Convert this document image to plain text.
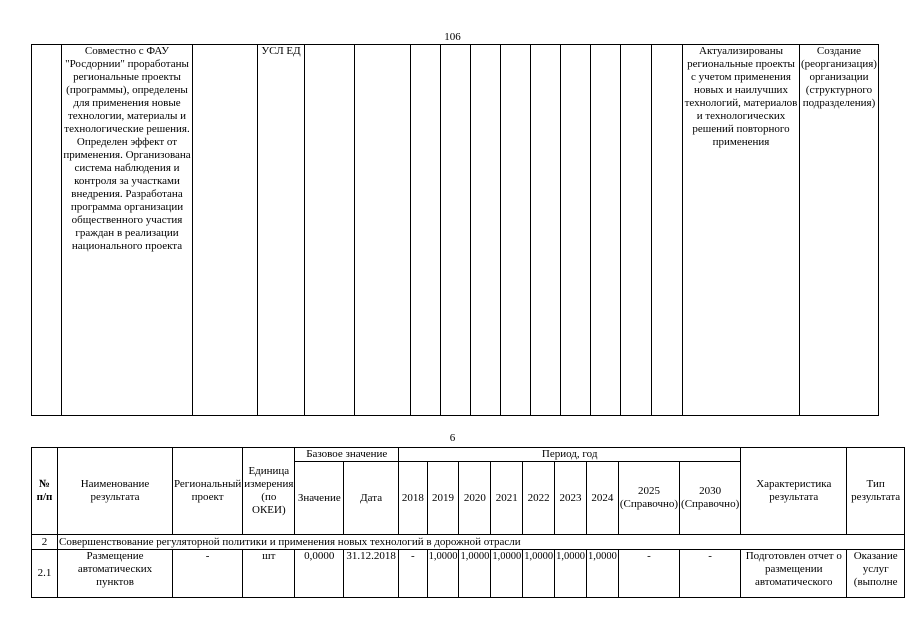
106
	Совместно с ФАУ "Росдорнии" проработаны региональные проекты (программы), определены для применения новые технологии, материалы и технологические решения. Определен эффект от применения. Организована система наблюдения и контроля за участками внедрения. Разработана программа организации общественного участия граждан в реализации национального проекта		УСЛ ЕД												Актуализированы региональные проекты с учетом применения новых и наилучших технологий, материалов и технологических решений повторного применения	Создание (реорганизация) организации (структурного подразделения)
6
№ п/п	Наименование результата	Региональный проект	Единица измерения (по ОКЕИ)	Базовое значение		Период, год									Характеристика результата	Тип результата
				Значение	Дата	2018	2019	2020	2021	2022	2023	2024	2025 (Справочно)	2030 (Справочно)		
2	Совершенствование регуляторной политики и применения новых технологий в дорожной отрасли															
2.1	Размещение автоматических пунктов	-	шт	0,0000	31.12.2018	-	1,0000	1,0000	1,0000	1,0000	1,0000	1,0000	-	-	Подготовлен отчет о размещении автоматического	Оказание услуг (выполне
